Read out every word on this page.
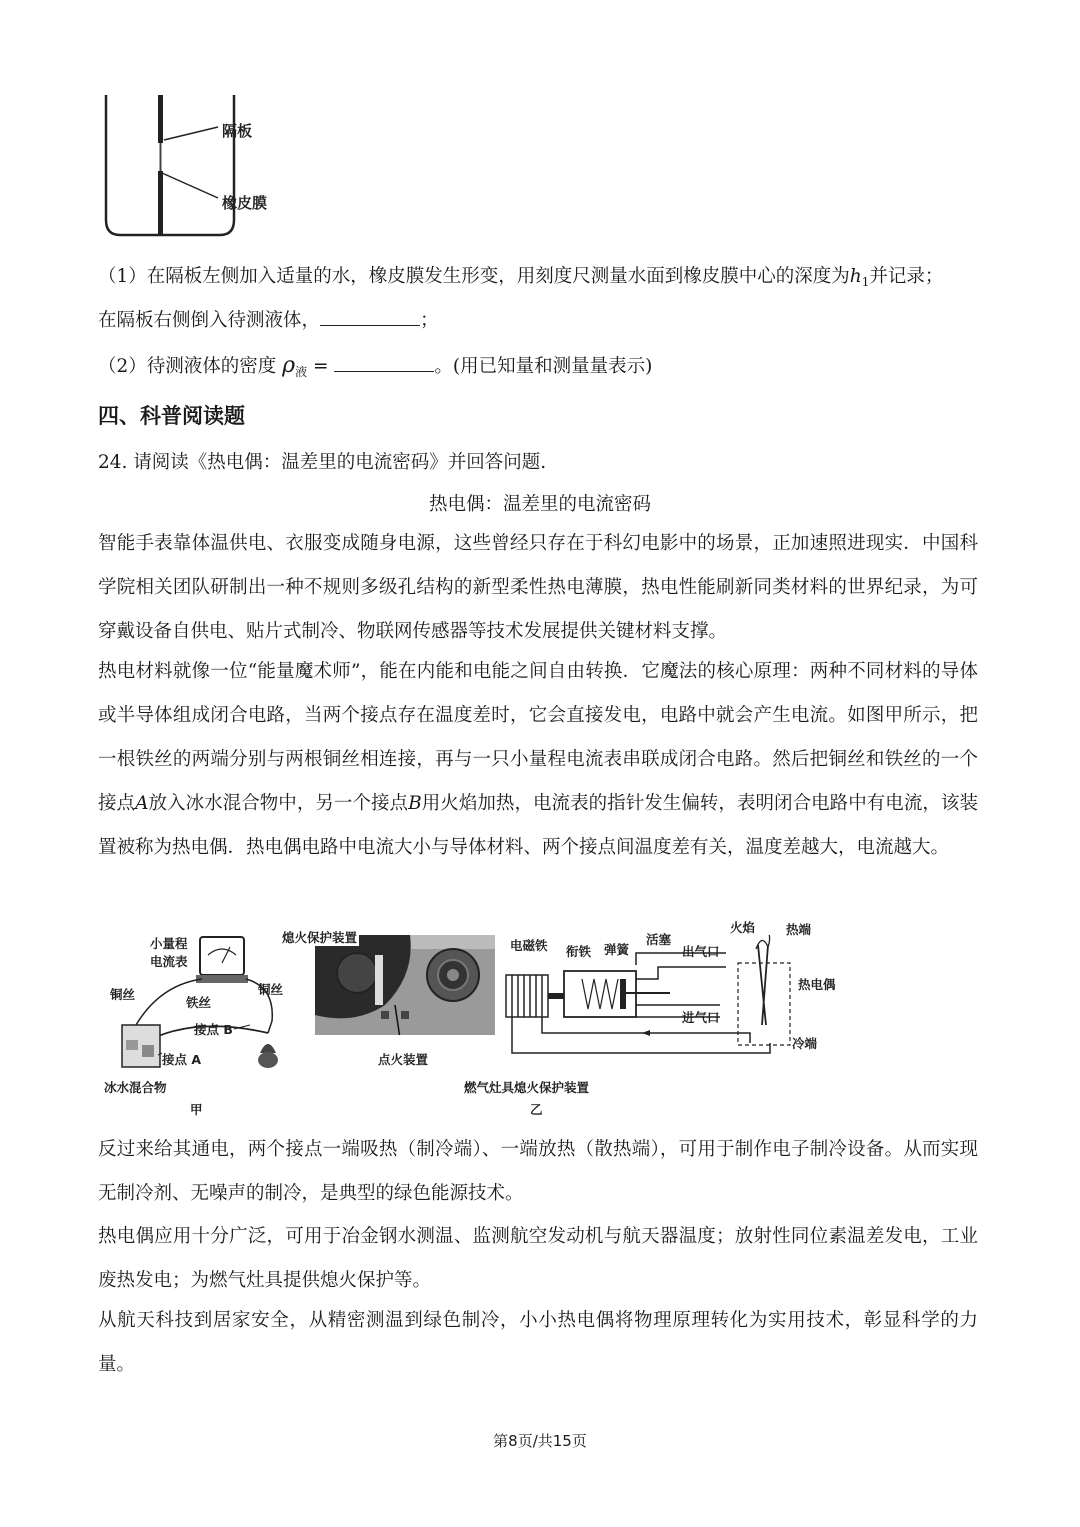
隔板
橡皮膜
（1）在隔板左侧加入适量的水，橡皮膜发生形变，用刻度尺测量水面到橡皮膜中心的深度为$h_1$并记录；
在隔板右侧倒入待测液体，	；
（2）待测液体的密度 $\rho_液$ =	。(用已知量和测量量表示)
四、科普阅读题
24. 请阅读《热电偶：温差里的电流密码》并回答问题.
热电偶：温差里的电流密码

智能手表靠体温供电、衣服变成随身电源，这些曾经只存在于科幻电影中的场景，正加速照进现实．中国科学院相关团队研制出一种不规则多级孔结构的新型柔性热电薄膜，热电性能刷新同类材料的世界纪录，为可穿戴设备自供电、贴片式制冷、物联网传感器等技术发展提供关键材料支撑。

热电材料就像一位“能量魔术师”，能在内能和电能之间自由转换．它魔法的核心原理：两种不同材料的导体或半导体组成闭合电路，当两个接点存在温度差时，它会直接发电，电路中就会产生电流。如图甲所示，把一根铁丝的两端分别与两根铜丝相连接，再与一只小量程电流表串联成闭合电路。然后把铜丝和铁丝的一个接点A放入冰水混合物中，另一个接点B用火焰加热，电流表的指针发生偏转，表明闭合电路中有电流，该装置被称为热电偶．热电偶电路中电流大小与导体材料、两个接点间温度差有关，温度差越大，电流越大。

小量程
电流表
铜丝	铜丝
铁丝
接点 B
接点 A
冰水混合物
甲
熄火保护装置
点火装置
电磁铁 衔铁 弹簧
活塞
出气口
进气口
火焰 热端
热电偶
冷端
燃气灶具熄火保护装置
乙

反过来给其通电，两个接点一端吸热（制冷端）、一端放热（散热端），可用于制作电子制冷设备。从而实现无制冷剂、无噪声的制冷，是典型的绿色能源技术。

热电偶应用十分广泛，可用于冶金钢水测温、监测航空发动机与航天器温度；放射性同位素温差发电，工业废热发电；为燃气灶具提供熄火保护等。

从航天科技到居家安全，从精密测温到绿色制冷，小小热电偶将物理原理转化为实用技术，彰显科学的力量。

第8页/共15页
